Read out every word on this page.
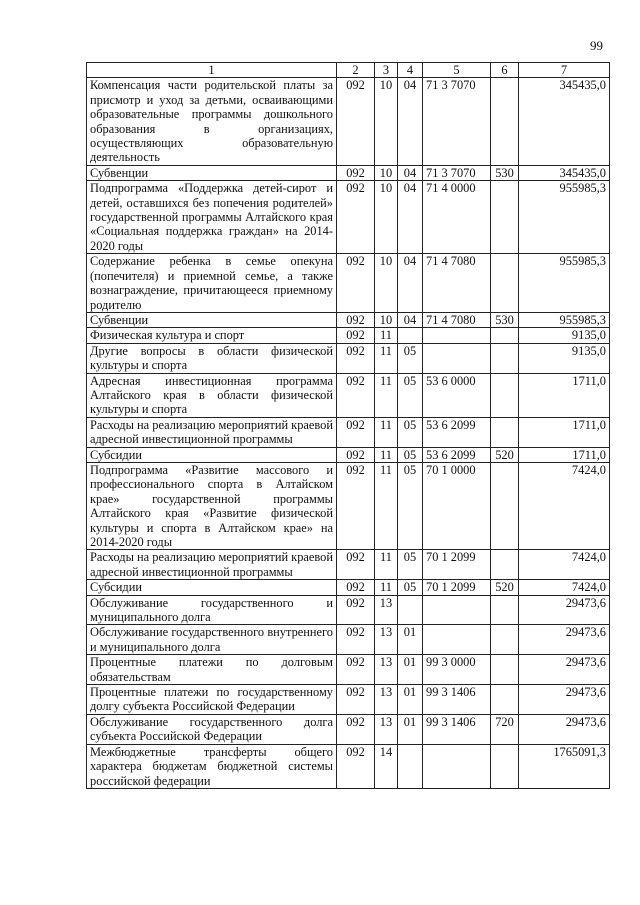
99
1	2	3	4	5	6	7
Компенсация части родительской платы за присмотр и уход за детьми, осваивающими образовательные программы дошкольного образования в организациях, осуществляющих образовательную деятельность	092	10	04	71 3 7070		345435,0
Субвенции	092	10	04	71 3 7070	530	345435,0
Подпрограмма «Поддержка детей-сирот и детей, оставшихся без попечения родителей» государственной программы Алтайского края «Социальная поддержка граждан» на 2014-2020 годы	092	10	04	71 4 0000		955985,3
Содержание ребенка в семье опекуна (попечителя) и приемной семье, а также вознаграждение, причитающееся приемному родителю	092	10	04	71 4 7080		955985,3
Субвенции	092	10	04	71 4 7080	530	955985,3
Физическая культура и спорт	092	11				9135,0
Другие вопросы в области физической культуры и спорта	092	11	05			9135,0
Адресная инвестиционная программа Алтайского края в области физической культуры и спорта	092	11	05	53 6 0000		1711,0
Расходы на реализацию мероприятий краевой адресной инвестиционной программы	092	11	05	53 6 2099		1711,0
Субсидии	092	11	05	53 6 2099	520	1711,0
Подпрограмма «Развитие массового и профессионального спорта в Алтайском крае» государственной программы Алтайского края «Развитие физической культуры и спорта в Алтайском крае» на 2014-2020 годы	092	11	05	70 1 0000		7424,0
Расходы на реализацию мероприятий краевой адресной инвестиционной программы	092	11	05	70 1 2099		7424,0
Субсидии	092	11	05	70 1 2099	520	7424,0
Обслуживание государственного и муниципального долга	092	13				29473,6
Обслуживание государственного внутреннего и муниципального долга	092	13	01			29473,6
Процентные платежи по долговым обязательствам	092	13	01	99 3 0000		29473,6
Процентные платежи по государственному долгу субъекта Российской Федерации	092	13	01	99 3 1406		29473,6
Обслуживание государственного долга субъекта Российской Федерации	092	13	01	99 3 1406	720	29473,6
Межбюджетные трансферты общего характера бюджетам бюджетной системы российской федерации	092	14				1765091,3
